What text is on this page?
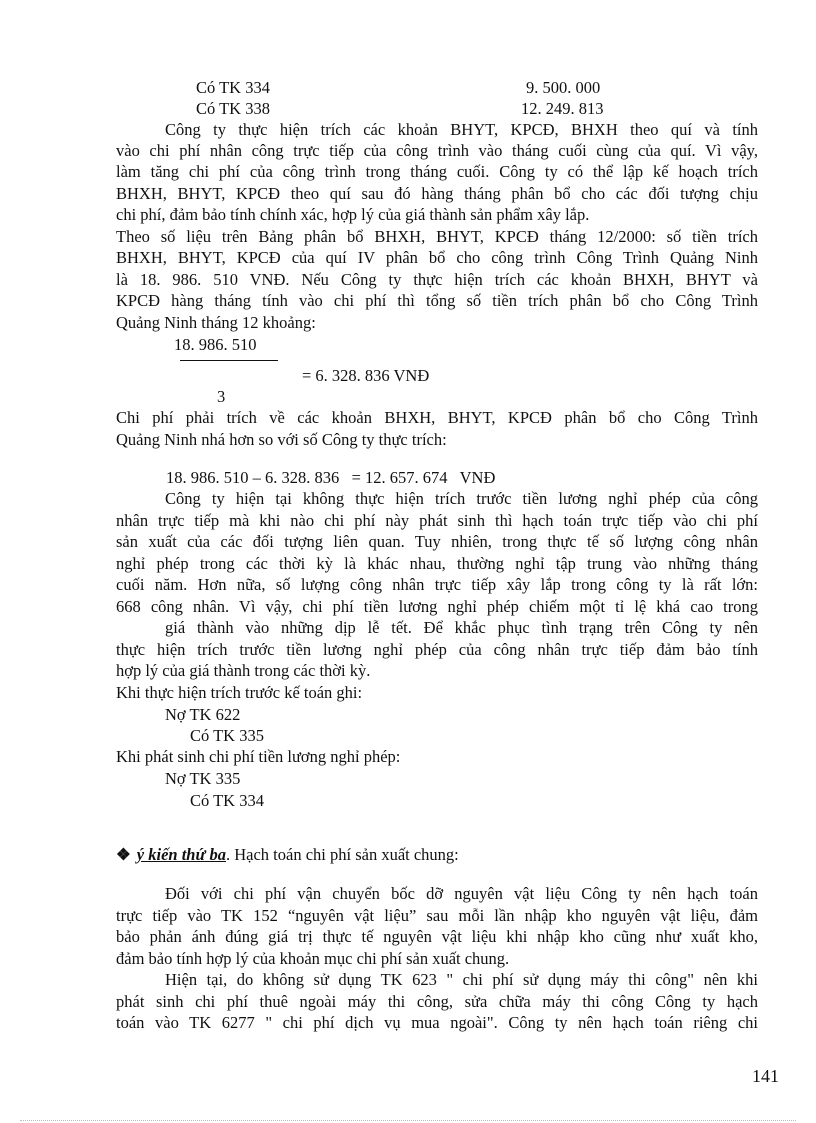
Có TK 334	9. 500. 000
Có TK 338	12. 249. 813
Công ty thực hiện trích các khoản BHYT, KPCĐ, BHXH theo quí và tính
vào chi phí nhân công trực tiếp của công trình vào tháng cuối cùng của quí. Vì vậy,
làm tăng chi phí của công trình trong tháng cuối. Công ty có thể lập kế hoạch trích
BHXH, BHYT, KPCĐ theo quí sau đó hàng tháng phân bổ cho các đối tượng chịu
chi phí, đảm bảo tính chính xác, hợp lý của giá thành sản phẩm xây lắp.
Theo số liệu trên Bảng phân bổ BHXH, BHYT, KPCĐ tháng 12/2000: số tiền trích
BHXH, BHYT, KPCĐ của quí IV phân bổ cho công trình Công Trình Quảng Ninh
là 18. 986. 510 VNĐ. Nếu Công ty thực hiện trích các khoản BHXH, BHYT và
KPCĐ hàng tháng tính vào chi phí thì tổng số tiền trích phân bổ cho Công Trình
Quảng Ninh tháng 12 khoảng:
18. 986. 510
= 6. 328. 836 VNĐ
3
Chi phí phải trích về các khoản BHXH, BHYT, KPCĐ phân bổ cho Công Trình
Quảng Ninh nhá hơn so với số Công ty thực trích:
18. 986. 510 – 6. 328. 836   = 12. 657. 674   VNĐ
Công ty hiện tại không thực hiện trích trước tiền lương nghỉ phép của công
nhân trực tiếp mà khi nào chi phí này phát sinh thì hạch toán trực tiếp vào chi phí
sản xuất của các đối tượng liên quan. Tuy nhiên, trong thực tế số lượng công nhân
nghỉ phép trong các thời kỳ là khác nhau, thường nghỉ tập trung vào những tháng
cuối năm. Hơn nữa, số lượng công nhân trực tiếp xây lắp trong công ty là rất lớn:
668 công nhân. Vì vậy, chi phí tiền lương nghỉ phép chiếm một tỉ lệ khá cao trong
giá thành vào những dịp lễ tết. Để khắc phục tình trạng trên Công ty nên
thực hiện trích trước tiền lương nghỉ phép của công nhân trực tiếp đảm bảo tính
hợp lý của giá thành trong các thời kỳ.
Khi thực hiện trích trước kế toán ghi:
Nợ TK 622
Có TK 335
Khi phát sinh chi phí tiền lương nghỉ phép:
Nợ TK 335
Có TK 334
❖ ý kiến thứ ba. Hạch toán chi phí sản xuất chung:
Đối với chi phí vận chuyển bốc dỡ nguyên vật liệu Công ty nên hạch toán
trực tiếp vào TK 152 “nguyên vật liệu” sau mỗi lần nhập kho nguyên vật liệu, đảm
bảo phản ánh đúng giá trị thực tế nguyên vật liệu khi nhập kho cũng như xuất kho,
đảm bảo tính hợp lý của khoản mục chi phí sản xuất chung.
Hiện tại, do không sử dụng TK 623 " chi phí sử dụng máy thi công" nên khi
phát sinh chi phí thuê ngoài máy thi công, sửa chữa máy thi công Công ty hạch
toán vào TK 6277 " chi phí dịch vụ mua ngoài". Công ty nên hạch toán riêng chi
141
